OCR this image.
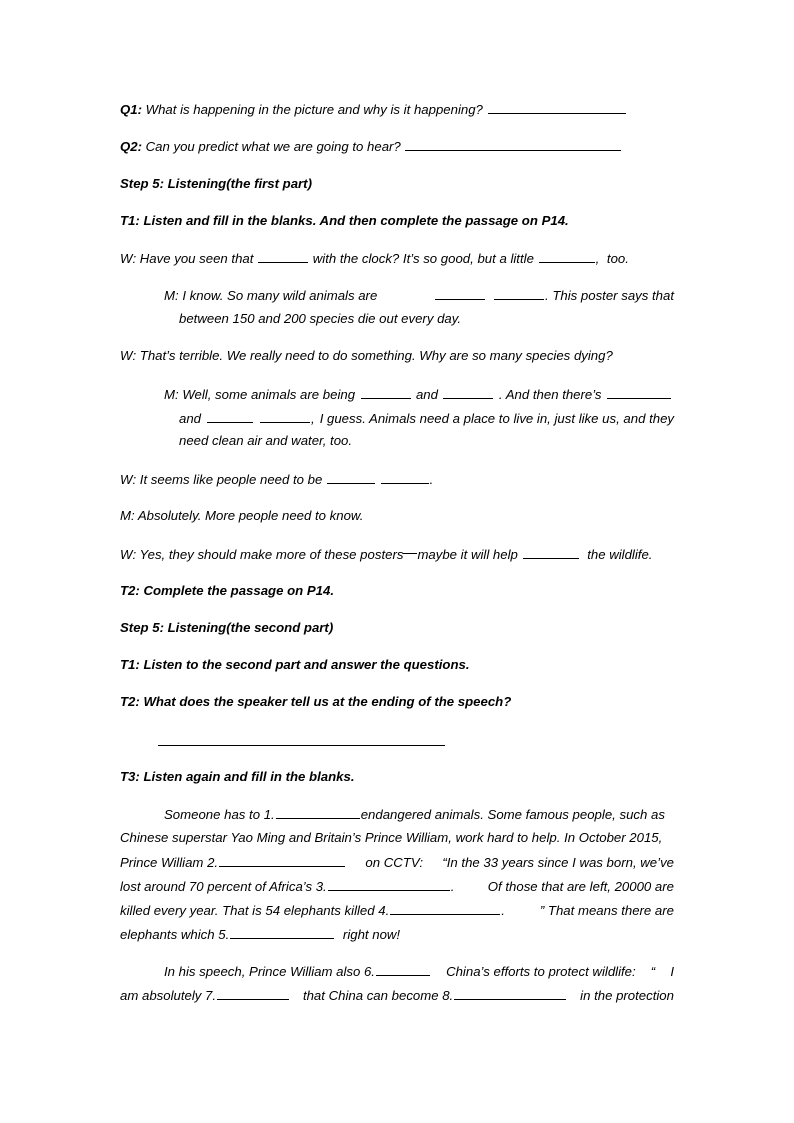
Q1: What is happening in the picture and why is it happening?
Q2: Can you predict what we are going to hear?
Step 5: Listening(the first part)
T1: Listen and fill in the blanks. And then complete the passage on P14.
W: Have you seen that	with the clock? It’s so good, but a little	, too.
M: I know. So many wild animals are	. This poster says that
between 150 and 200 species die out every day.
W: That’s terrible. We really need to do something. Why are so many species dying?
M: Well, some animals are being	and	. And then there’s
and	, I guess. Animals need a place to live in, just like us, and they
need clean air and water, too.
W: It seems like people need to be	.
M: Absolutely. More people need to know.
W: Yes, they should make more of these posters maybe it will help	the wildlife.
T2: Complete the passage on P14.
Step 5: Listening(the second part)
T1: Listen to the second part and answer the questions.
T2: What does the speaker tell us at the ending of the speech?
T3: Listen again and fill in the blanks.
Someone has to 1.	endangered animals. Some famous people, such as
Chinese superstar Yao Ming and Britain’s Prince William, work hard to help. In October 2015,
Prince William 2.	on CCTV: “In the 33 years since I was born, we’ve
lost around 70 percent of Africa’s 3.	.	Of those that are left, 20000 are
killed every year. That is 54 elephants killed 4.	.	” That means there are
elephants which 5.	right now!
In his speech, Prince William also 6.	China’s efforts to protect wildlife: “ I
am absolutely 7.	that China can become 8.	in the protection
